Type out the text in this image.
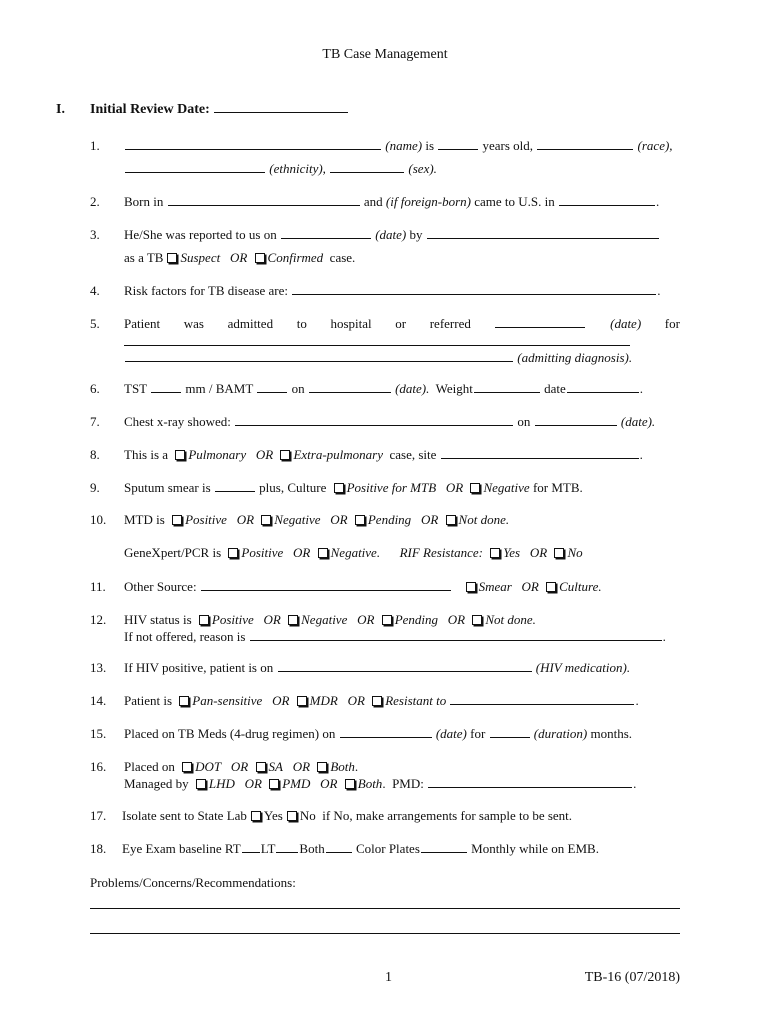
TB Case Management
I. Initial Review Date:
1.	(name) is	years old,	(race),
(ethnicity),	(sex).
2. Born in	and (if foreign-born) came to U.S. in	.
3. He/She was reported to us on	(date) by
as a TB Suspect OR Confirmed case.
4. Risk factors for TB disease are:	.
5.	Patient was admitted to hospital or referred	(date) for
(admitting diagnosis).
6. TST	mm / BAMT	on	(date). Weight	date	.
7. Chest x-ray showed:	on	(date).
8. This is a Pulmonary OR Extra-pulmonary case, site	.
9. Sputum smear is	plus, Culture Positive for MTB OR Negative for MTB.
10. MTD is Positive OR Negative OR Pending OR Not done.
GeneXpert/PCR is Positive OR Negative. RIF Resistance: Yes OR No
11. Other Source:	Smear OR Culture.
12. HIV status is Positive OR Negative OR Pending OR Not done.
If not offered, reason is	.
13. If HIV positive, patient is on	(HIV medication).
14. Patient is Pan-sensitive OR MDR OR Resistant to	.
15. Placed on TB Meds (4-drug regimen) on	(date) for	(duration) months.
16. Placed on DOT OR SA OR Both.
Managed by LHD OR PMD OR Both.  PMD:	.
17. Isolate sent to State Lab Yes No if No, make arrangements for sample to be sent.
18. Eye Exam baseline RT LT Both Color Plates	Monthly while on EMB.
Problems/Concerns/Recommendations:
1	TB-16 (07/2018)
